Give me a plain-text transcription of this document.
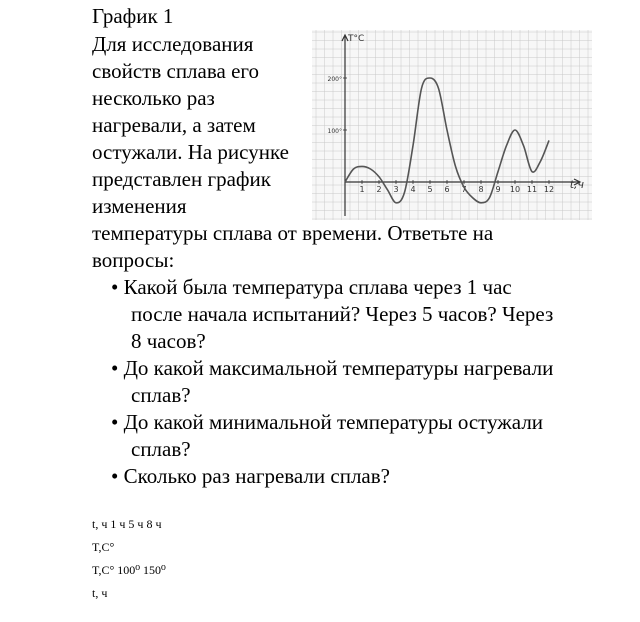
График 1
Для исследования
свойств сплава его
несколько раз
нагревали, а затем
остужали. На рисунке
представлен график
изменения
температуры сплава от времени. Ответьте на
вопросы:
• Какой была температура сплава через 1 час
после начала испытаний? Через 5 часов? Через
8 часов?
• До какой максимальной температуры нагревали
сплав?
• До какой минимальной температуры остужали
сплав?
• Сколько раз нагревали сплав?
t, ч 1 ч 5 ч 8 ч
T,C°
T,C° 100⁰ 150⁰
t, ч
1 2 3 4 5 6 7 8 9 10 11 12
100°
200°
T°C
t,ч
